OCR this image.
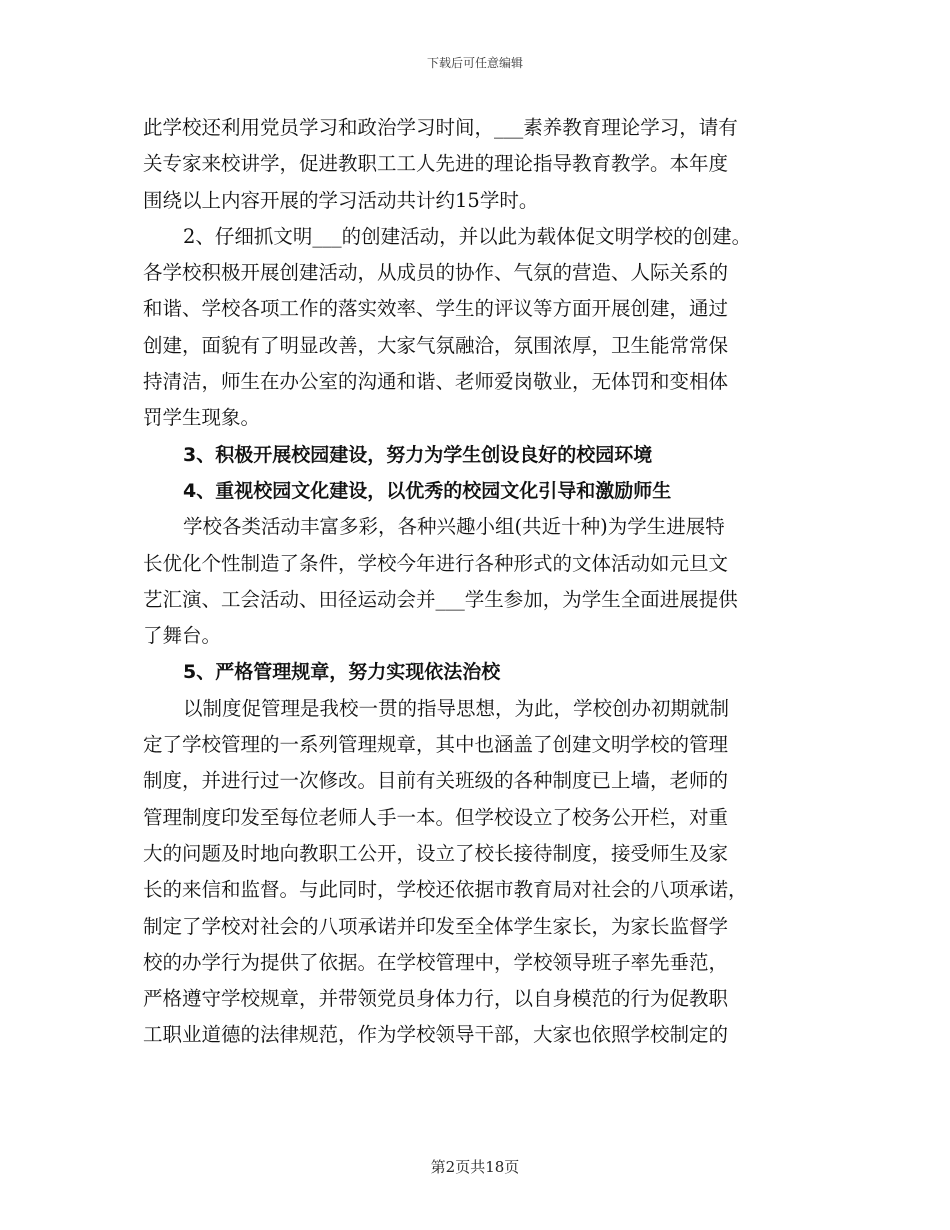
下载后可任意编辑
此学校还利用党员学习和政治学习时间，___素养教育理论学习，请有
关专家来校讲学，促进教职工工人先进的理论指导教育教学。本年度
围绕以上内容开展的学习活动共计约15学时。
2、仔细抓文明___的创建活动，并以此为载体促文明学校的创建。
各学校积极开展创建活动，从成员的协作、气氛的营造、人际关系的
和谐、学校各项工作的落实效率、学生的评议等方面开展创建，通过
创建，面貌有了明显改善，大家气氛融洽，氛围浓厚，卫生能常常保
持清洁，师生在办公室的沟通和谐、老师爱岗敬业，无体罚和变相体
罚学生现象。
3、积极开展校园建设，努力为学生创设良好的校园环境
4、重视校园文化建设，以优秀的校园文化引导和激励师生
学校各类活动丰富多彩，各种兴趣小组(共近十种)为学生进展特
长优化个性制造了条件，学校今年进行各种形式的文体活动如元旦文
艺汇演、工会活动、田径运动会并___学生参加，为学生全面进展提供
了舞台。
5、严格管理规章，努力实现依法治校
以制度促管理是我校一贯的指导思想，为此，学校创办初期就制
定了学校管理的一系列管理规章，其中也涵盖了创建文明学校的管理
制度，并进行过一次修改。目前有关班级的各种制度已上墙，老师的
管理制度印发至每位老师人手一本。但学校设立了校务公开栏，对重
大的问题及时地向教职工公开，设立了校长接待制度，接受师生及家
长的来信和监督。与此同时，学校还依据市教育局对社会的八项承诺，
制定了学校对社会的八项承诺并印发至全体学生家长，为家长监督学
校的办学行为提供了依据。在学校管理中，学校领导班子率先垂范，
严格遵守学校规章，并带领党员身体力行，以自身模范的行为促教职
工职业道德的法律规范，作为学校领导干部，大家也依照学校制定的
第2页共18页
